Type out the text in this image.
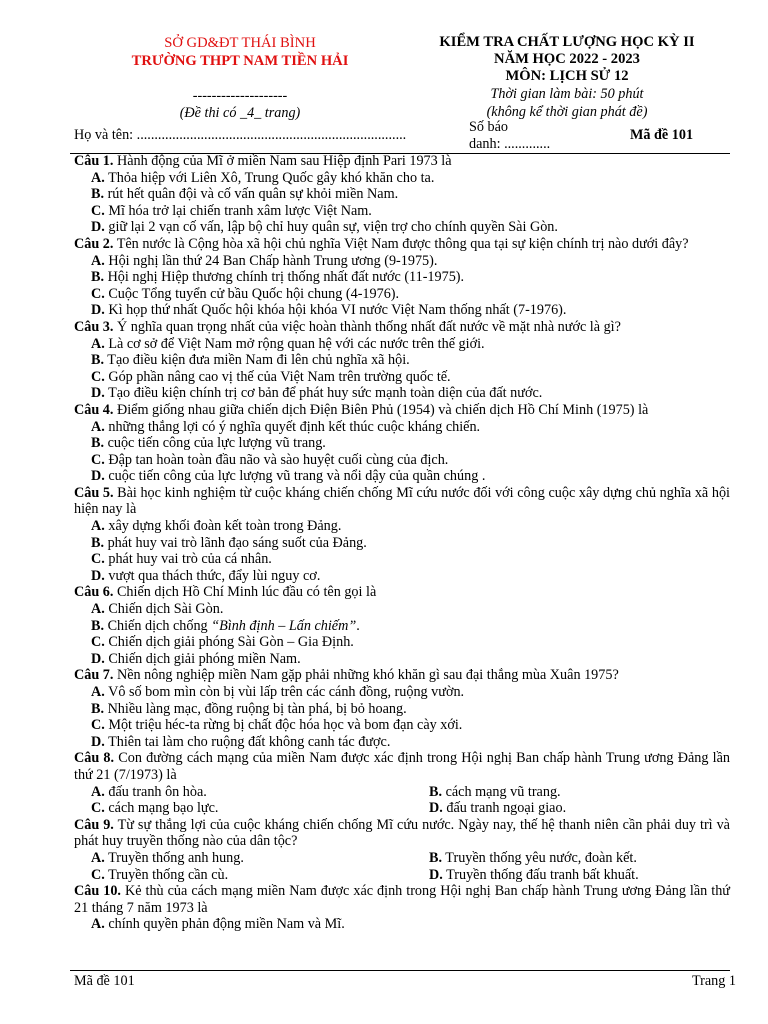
SỞ GD&ĐT THÁI BÌNH
TRƯỜNG THPT NAM TIỀN HẢI
--------------------
(Đề thi có _4_ trang)
KIỂM TRA CHẤT LƯỢNG HỌC KỲ II
NĂM HỌC 2022 - 2023
MÔN: LỊCH SỬ 12
Thời gian làm bài: 50 phút
(không kể thời gian phát đề)
Họ và tên: ............................................................................	Số báo
danh: .............
Mã đề 101
Câu 1. Hành động của Mĩ ở miền Nam sau Hiệp định Pari 1973 là
A. Thỏa hiệp với Liên Xô, Trung Quốc gây khó khăn cho ta.
B. rút hết quân đội và cố vấn quân sự khỏi miền Nam.
C. Mĩ hóa trở lại chiến tranh xâm lược Việt Nam.
D. giữ lại 2 vạn cố vấn, lập bộ chỉ huy quân sự, viện trợ cho chính quyền Sài Gòn.
Câu 2. Tên nước là Cộng hòa xã hội chủ nghĩa Việt Nam được thông qua tại sự kiện chính trị nào dưới đây?
A. Hội nghị lần thứ 24 Ban Chấp hành Trung ương (9-1975).
B. Hội nghị Hiệp thương chính trị thống nhất đất nước (11-1975).
C. Cuộc Tổng tuyển cử bầu Quốc hội chung (4-1976).
D. Kì họp thứ nhất Quốc hội khóa hội khóa VI nước Việt Nam thống nhất (7-1976).
Câu 3. Ý nghĩa quan trọng nhất của việc hoàn thành thống nhất đất nước về mặt nhà nước là gì?
A. Là cơ sở để Việt Nam mở rộng quan hệ với các nước trên thế giới.
B. Tạo điều kiện đưa miền Nam đi lên chủ nghĩa xã hội.
C. Góp phần nâng cao vị thế của Việt Nam trên trường quốc tế.
D. Tạo điều kiện chính trị cơ bản để phát huy sức mạnh toàn diện của đất nước.
Câu 4. Điểm giống nhau giữa chiến dịch Điện Biên Phủ (1954) và chiến dịch Hồ Chí Minh (1975) là
A. những thắng lợi có ý nghĩa quyết định kết thúc cuộc kháng chiến.
B. cuộc tiến công của lực lượng vũ trang.
C. Đập tan hoàn toàn đầu não và sào huyệt cuối cùng của địch.
D. cuộc tiến công của lực lượng vũ trang và nổi dậy của quần chúng .
Câu 5. Bài học kinh nghiệm từ cuộc kháng chiến chống Mĩ cứu nước đối với công cuộc xây dựng chủ nghĩa xã hội hiện nay là
A. xây dựng khối đoàn kết toàn trong Đảng.
B. phát huy vai trò lãnh đạo sáng suốt của Đảng.
C. phát huy vai trò của cá nhân.
D. vượt qua thách thức, đẩy lùi nguy cơ.
Câu 6. Chiến dịch Hồ Chí Minh lúc đầu có tên gọi là
A. Chiến dịch Sài Gòn.
B. Chiến dịch chống “Bình định – Lấn chiếm”.
C. Chiến dịch giải phóng Sài Gòn – Gia Định.
D. Chiến dịch giải phóng miền Nam.
Câu 7. Nền nông nghiệp miền Nam gặp phải những khó khăn gì sau đại thắng mùa Xuân 1975?
A. Vô số bom mìn còn bị vùi lấp trên các cánh đồng, ruộng vườn.
B. Nhiều làng mạc, đồng ruộng bị tàn phá, bị bỏ hoang.
C. Một triệu héc-ta rừng bị chất độc hóa học và bom đạn cày xới.
D. Thiên tai làm cho ruộng đất không canh tác được.
Câu 8. Con đường cách mạng của miền Nam được xác định trong Hội nghị Ban chấp hành Trung ương Đảng lần thứ 21 (7/1973) là
A. đấu tranh ôn hòa.	B. cách mạng vũ trang.
C. cách mạng bạo lực.	D. đấu tranh ngoại giao.
Câu 9. Từ sự thắng lợi của cuộc kháng chiến chống Mĩ cứu nước. Ngày nay, thế hệ thanh niên cần phải duy trì và phát huy truyền thống nào của dân tộc?
A. Truyền thống anh hung.	B. Truyền thống yêu nước, đoàn kết.
C. Truyền thống cần cù.	D. Truyền thống đấu tranh bất khuất.
Câu 10. Kẻ thù của cách mạng miền Nam được xác định trong Hội nghị Ban chấp hành Trung ương Đảng lần thứ 21 tháng 7 năm 1973 là
A. chính quyền phản động miền Nam và Mĩ.
Mã đề 101	Trang 1
